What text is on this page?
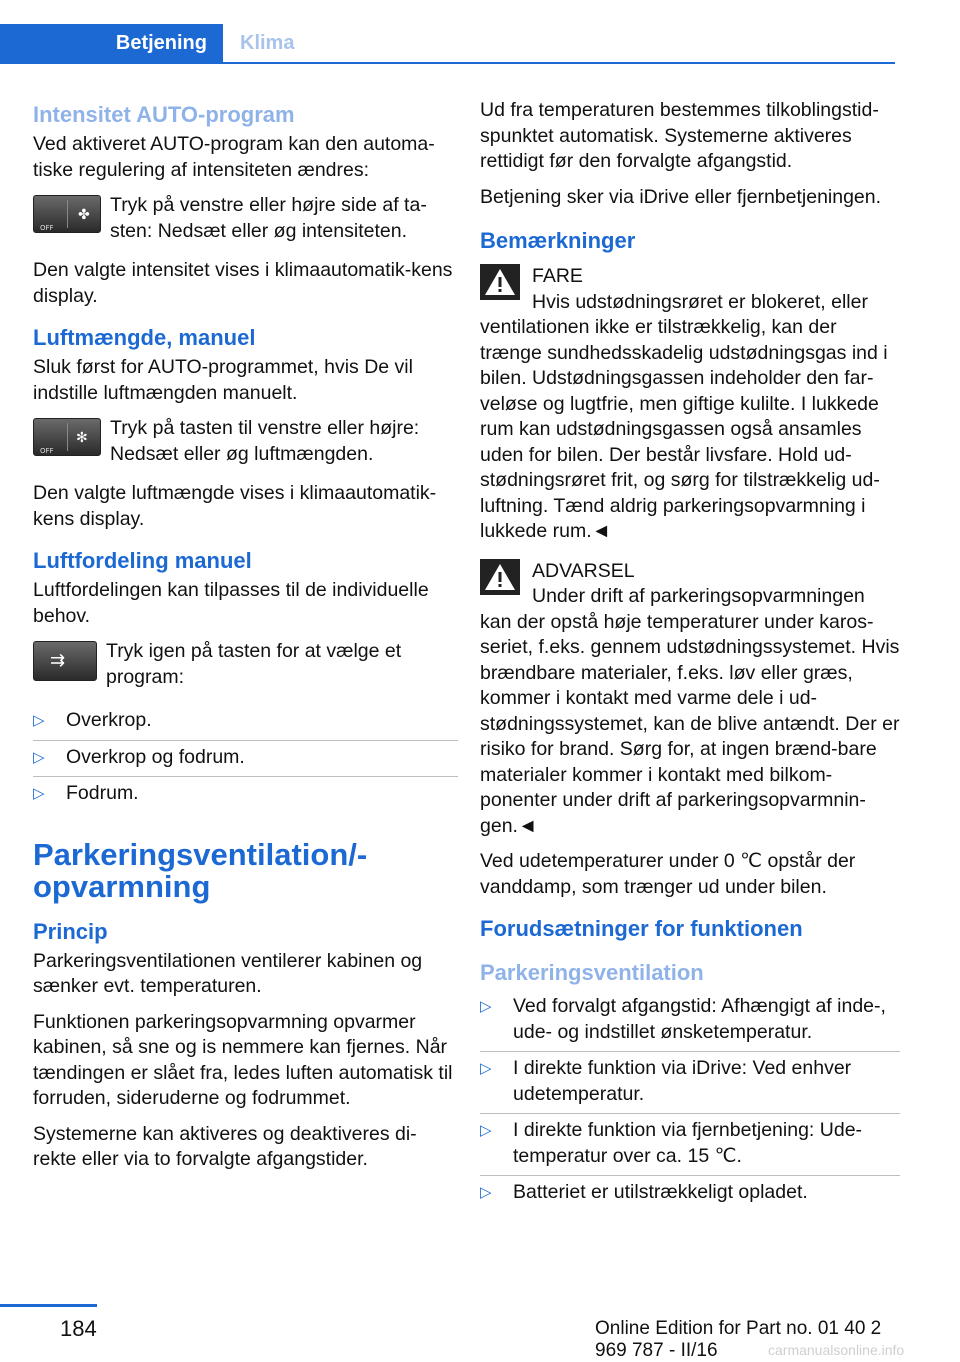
Betjening	Klima
Intensitet AUTO-program

Ved aktiveret AUTO-program kan den automa‐tiske regulering af intensiteten ændres:

OFF
✤ Tryk på venstre eller højre side af ta‐sten: Nedsæt eller øg intensiteten.

Den valgte intensitet vises i klimaautomatik‐kens display.

Luftmængde, manuel

Sluk først for AUTO-programmet, hvis De vil indstille luftmængden manuelt.

OFF
✻ Tryk på tasten til venstre eller højre: Nedsæt eller øg luftmængden.

Den valgte luftmængde vises i klimaautomatik‐kens display.

Luftfordeling manuel

Luftfordelingen kan tilpasses til de individuelle behov.

⇉ Tryk igen på tasten for at vælge et program:
▷ Overkrop.
▷ Overkrop og fodrum.
▷ Fodrum.
Parkeringsventilation/-opvarmning
Princip

Parkeringsventilationen ventilerer kabinen og sænker evt. temperaturen.

Funktionen parkeringsopvarmning opvarmer kabinen, så sne og is nemmere kan fjernes. Når tændingen er slået fra, ledes luften automatisk til forruden, sideruderne og fodrummet.

Systemerne kan aktiveres og deaktiveres di‐rekte eller via to forvalgte afgangstider.

Ud fra temperaturen bestemmes tilkoblingstid‐spunktet automatisk. Systemerne aktiveres rettidigt før den forvalgte afgangstid.

Betjening sker via iDrive eller fjernbetjeningen.

Bemærkninger
FARE
Hvis udstødningsrøret er blokeret, eller ventilationen ikke er tilstrækkelig, kan der trænge sundhedsskadelig udstødningsgas ind i bilen. Udstødningsgassen indeholder den far‐veløse og lugtfrie, men giftige kulilte. I lukkede rum kan udstødningsgassen også ansamles uden for bilen. Der består livsfare. Hold ud‐stødningsrøret frit, og sørg for tilstrækkelig ud‐luftning. Tænd aldrig parkeringsopvarmning i lukkede rum.◄
ADVARSEL
Under drift af parkeringsopvarmningen kan der opstå høje temperaturer under karos‐seriet, f.eks. gennem udstødningssystemet. Hvis brændbare materialer, f.eks. løv eller græs, kommer i kontakt med varme dele i ud‐stødningssystemet, kan de blive antændt. Der er risiko for brand. Sørg for, at ingen brænd‐bare materialer kommer i kontakt med bilkom‐ponenter under drift af parkeringsopvarmnin‐gen.◄

Ved udetemperaturer under 0 ℃ opstår der vanddamp, som trænger ud under bilen.

Forudsætninger for funktionen
Parkeringsventilation
▷ Ved forvalgt afgangstid: Afhængigt af inde-, ude- og indstillet ønsketemperatur.
▷ I direkte funktion via iDrive: Ved enhver udetemperatur.
▷ I direkte funktion via fjernbetjening: Ude‐temperatur over ca. 15 ℃.
▷ Batteriet er utilstrækkeligt opladet.
184	Online Edition for Part no. 01 40 2 969 787 - II/16	carmanualsonline.info
